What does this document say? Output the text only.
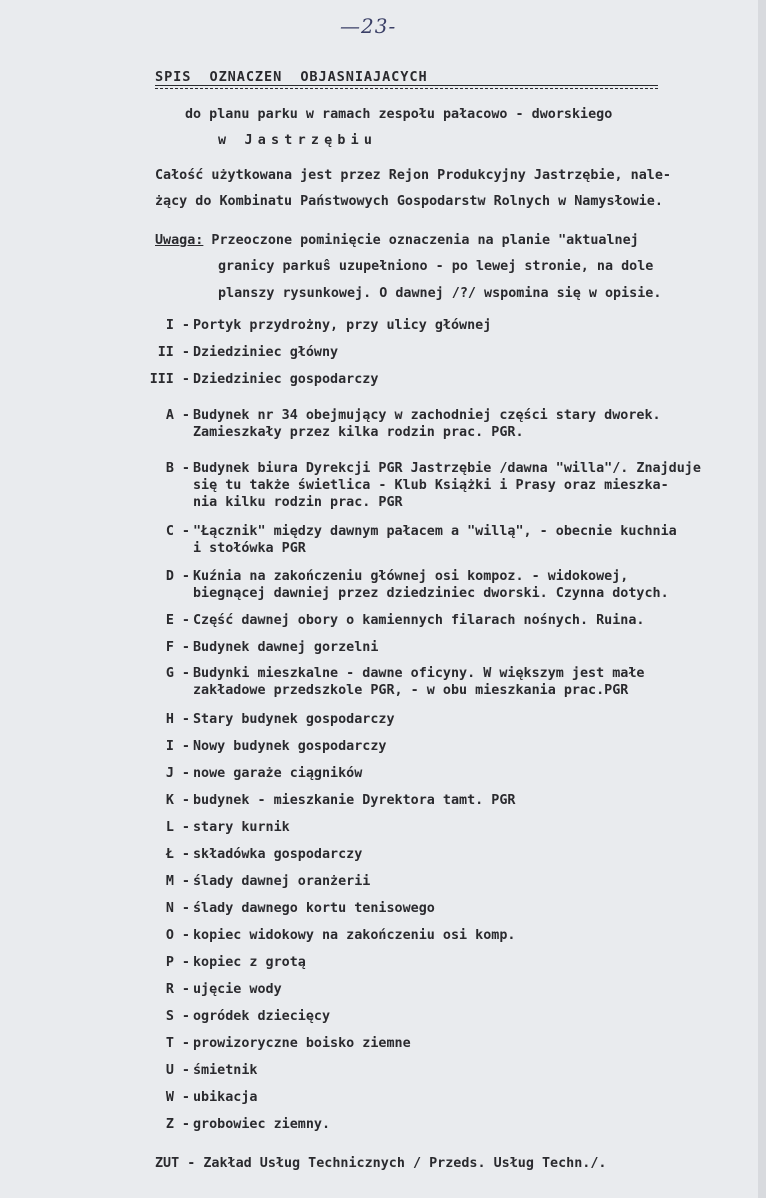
—23-
SPIS  OZNACZEN  OBJASNIAJACYCH
do planu parku w ramach zespołu pałacowo - dworskiego
w Jastrzębiu
Całość użytkowana jest przez Rejon Produkcyjny Jastrzębie, nale-
żący do Kombinatu Państwowych Gospodarstw Rolnych w Namysłowie.
Uwaga: Przeoczone pominięcie oznaczenia na planie "aktualnej
granicy parkuŝ uzupełniono - po lewej stronie, na dole
planszy rysunkowej. O dawnej /?/ wspomina się w opisie.
I - Portyk przydrożny, przy ulicy głównej
II - Dziedziniec główny
III - Dziedziniec gospodarczy
A - Budynek nr 34 obejmujący w zachodniej części stary dworek.
Zamieszkały przez kilka rodzin prac. PGR.
B - Budynek biura Dyrekcji PGR Jastrzębie /dawna "willa"/. Znajduje
się tu także świetlica - Klub Książki i Prasy oraz mieszka-
nia kilku rodzin prac. PGR
C - "Łącznik" między dawnym pałacem a "willą", - obecnie kuchnia
i stołówka PGR
D - Kuźnia na zakończeniu głównej osi kompoz. - widokowej,
biegnącej dawniej przez dziedziniec dworski. Czynna dotych.
E - Część dawnej obory o kamiennych filarach nośnych. Ruina.
F - Budynek dawnej gorzelni
G - Budynki mieszkalne - dawne oficyny. W większym jest małe
zakładowe przedszkole PGR, - w obu mieszkania prac.PGR
H - Stary budynek gospodarczy
I - Nowy budynek gospodarczy
J - nowe garaże ciągników
K - budynek - mieszkanie Dyrektora tamt. PGR
L - stary kurnik
Ł - składówka gospodarczy
M - ślady dawnej oranżerii
N - ślady dawnego kortu tenisowego
O - kopiec widokowy na zakończeniu osi komp.
P - kopiec z grotą
R - ujęcie wody
S - ogródek dziecięcy
T - prowizoryczne boisko ziemne
U - śmietnik
W - ubikacja
Z - grobowiec ziemny.
ZUT - Zakład Usług Technicznych / Przeds. Usług Techn./.
